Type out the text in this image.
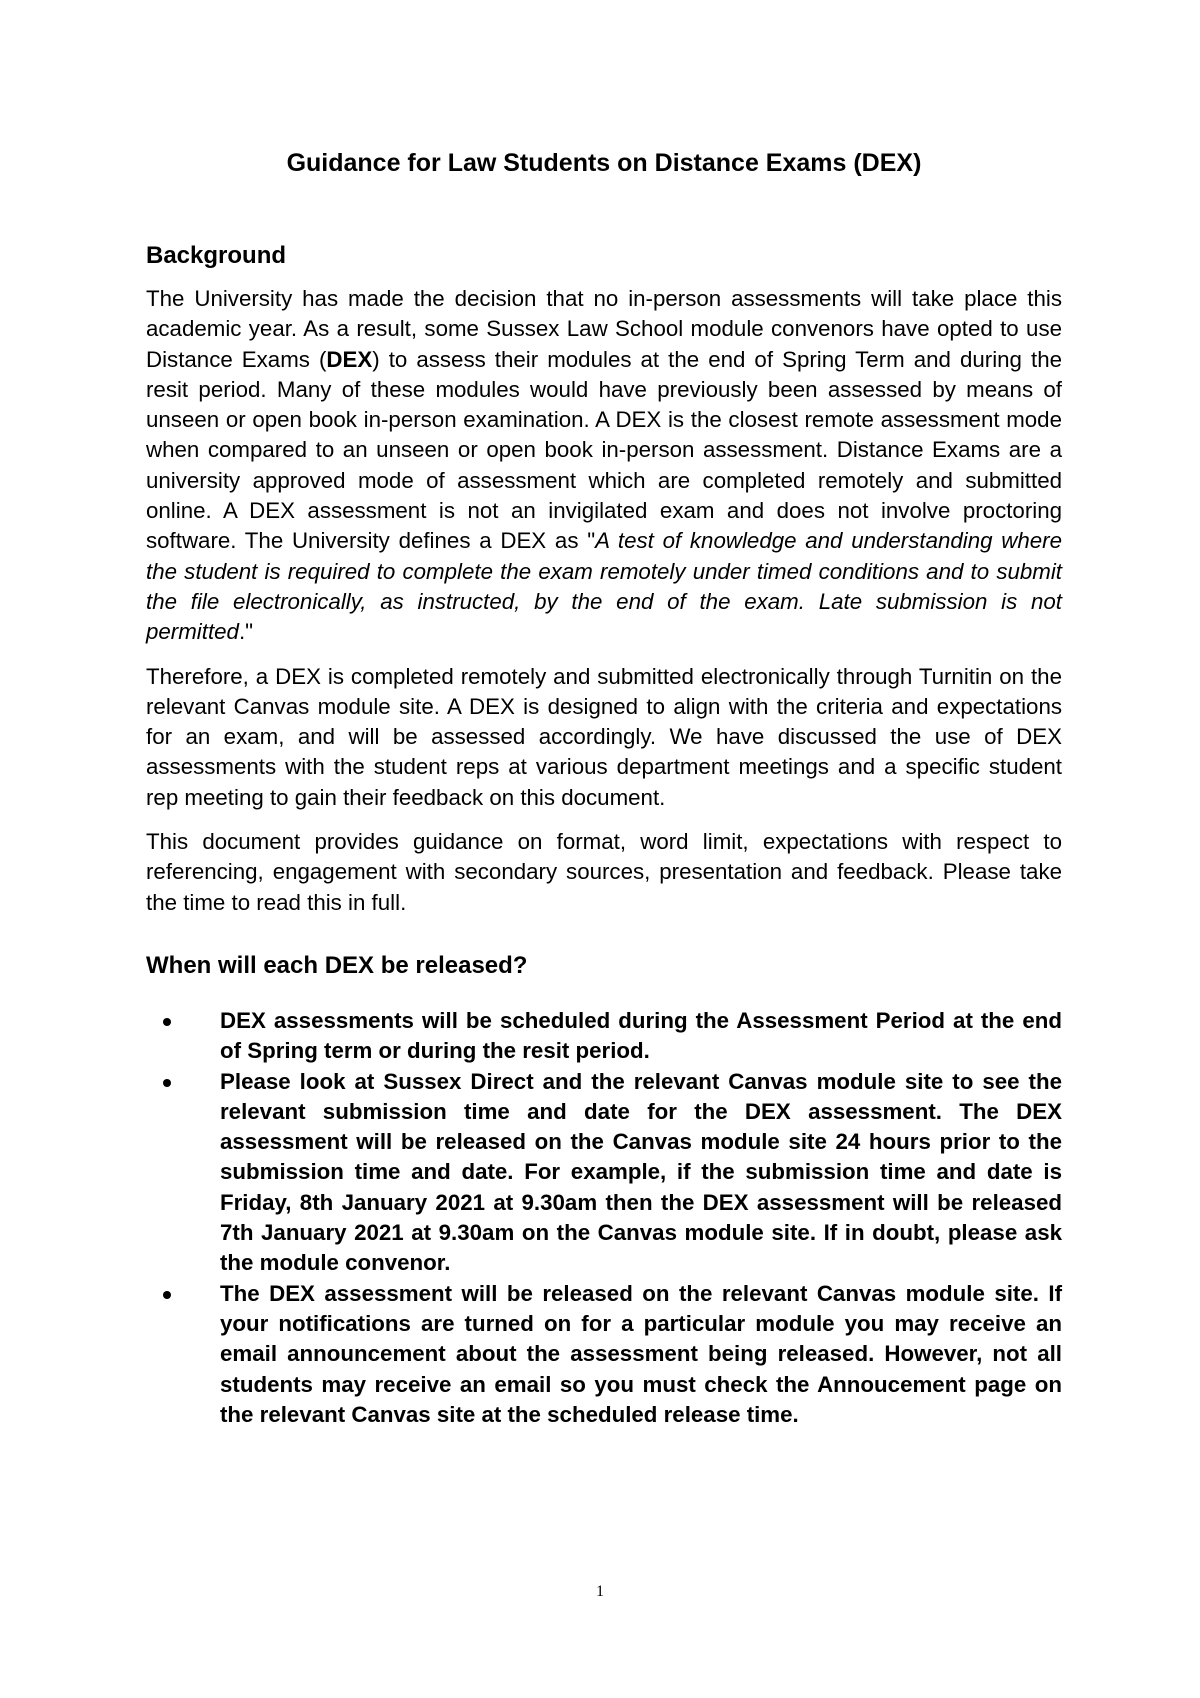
Guidance for Law Students on Distance Exams (DEX)
Background

The University has made the decision that no in-person assessments will take place this academic year. As a result, some Sussex Law School module convenors have opted to use Distance Exams (DEX) to assess their modules at the end of Spring Term and during the resit period. Many of these modules would have previously been assessed by means of unseen or open book in-person examination. A DEX is the closest remote assessment mode when compared to an unseen or open book in-person assessment. Distance Exams are a university approved mode of assessment which are completed remotely and submitted online. A DEX assessment is not an invigilated exam and does not involve proctoring software. The University defines a DEX as "A test of knowledge and understanding where the student is required to complete the exam remotely under timed conditions and to submit the file electronically, as instructed, by the end of the exam. Late submission is not permitted."

Therefore, a DEX is completed remotely and submitted electronically through Turnitin on the relevant Canvas module site. A DEX is designed to align with the criteria and expectations for an exam, and will be assessed accordingly. We have discussed the use of DEX assessments with the student reps at various department meetings and a specific student rep meeting to gain their feedback on this document.

This document provides guidance on format, word limit, expectations with respect to referencing, engagement with secondary sources, presentation and feedback. Please take the time to read this in full.

When will each DEX be released?
DEX assessments will be scheduled during the Assessment Period at the end of Spring term or during the resit period.
Please look at Sussex Direct and the relevant Canvas module site to see the relevant submission time and date for the DEX assessment. The DEX assessment will be released on the Canvas module site 24 hours prior to the submission time and date. For example, if the submission time and date is Friday, 8th January 2021 at 9.30am then the DEX assessment will be released 7th January 2021 at 9.30am on the Canvas module site. If in doubt, please ask the module convenor.
The DEX assessment will be released on the relevant Canvas module site. If your notifications are turned on for a particular module you may receive an email announcement about the assessment being released. However, not all students may receive an email so you must check the Annoucement page on the relevant Canvas site at the scheduled release time.
1
